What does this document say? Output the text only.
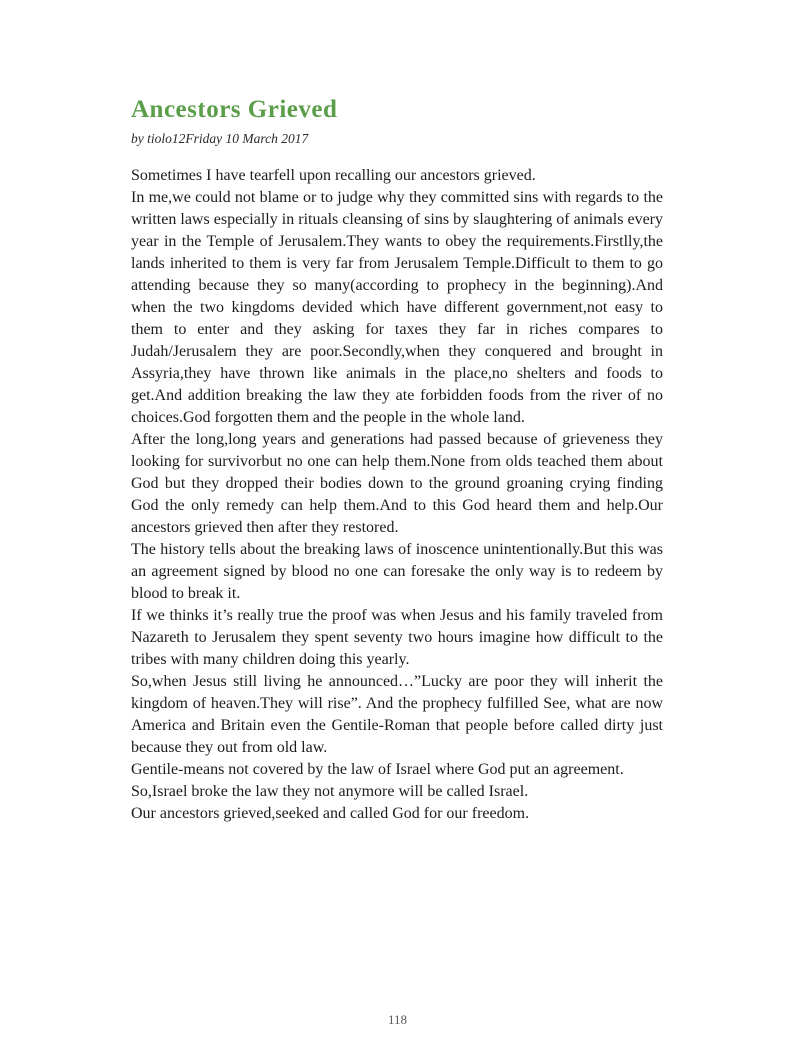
Ancestors Grieved
by tiolo12Friday 10 March 2017

Sometimes I have tearfell upon recalling our ancestors grieved.

In me,we could not blame or to judge why they committed sins with regards to the written laws especially in rituals cleansing of sins by slaughtering of animals every year in the Temple of Jerusalem.They wants to obey the requirements.Firstlly,the lands inherited to them is very far from Jerusalem Temple.Difficult to them to go attending because they so many(according to prophecy in the beginning).And when the two kingdoms devided which have different government,not easy to them to enter and they asking for taxes they far in riches compares to Judah/Jerusalem they are poor.Secondly,when they conquered and brought in Assyria,they have thrown like animals in the place,no shelters and foods to get.And addition breaking the law they ate forbidden foods from the river of no choices.God forgotten them and the people in the whole land.

After the long,long years and generations had passed because of grieveness they looking for survivorbut no one can help them.None from olds teached them about God but they dropped their bodies down to the ground groaning crying finding God the only remedy can help them.And to this God heard them and help.Our ancestors grieved then after they restored.

The history tells about the breaking laws of inoscence unintentionally.But this was an agreement signed by blood no one can foresake the only way is to redeem by blood to break it.

If we thinks it’s really true the proof was when Jesus and his family traveled from Nazareth to Jerusalem they spent seventy two hours imagine how difficult to the tribes with many children doing this yearly.

So,when Jesus still living he announced…”Lucky are poor they will inherit the kingdom of heaven.They will rise”. And the prophecy fulfilled See, what are now America and Britain even the Gentile-Roman that people before called dirty just because they out from old law.

Gentile-means not covered by the law of Israel where God put an agreement.

So,Israel broke the law they not anymore will be called Israel.

Our ancestors grieved,seeked and called God for our freedom.

118
